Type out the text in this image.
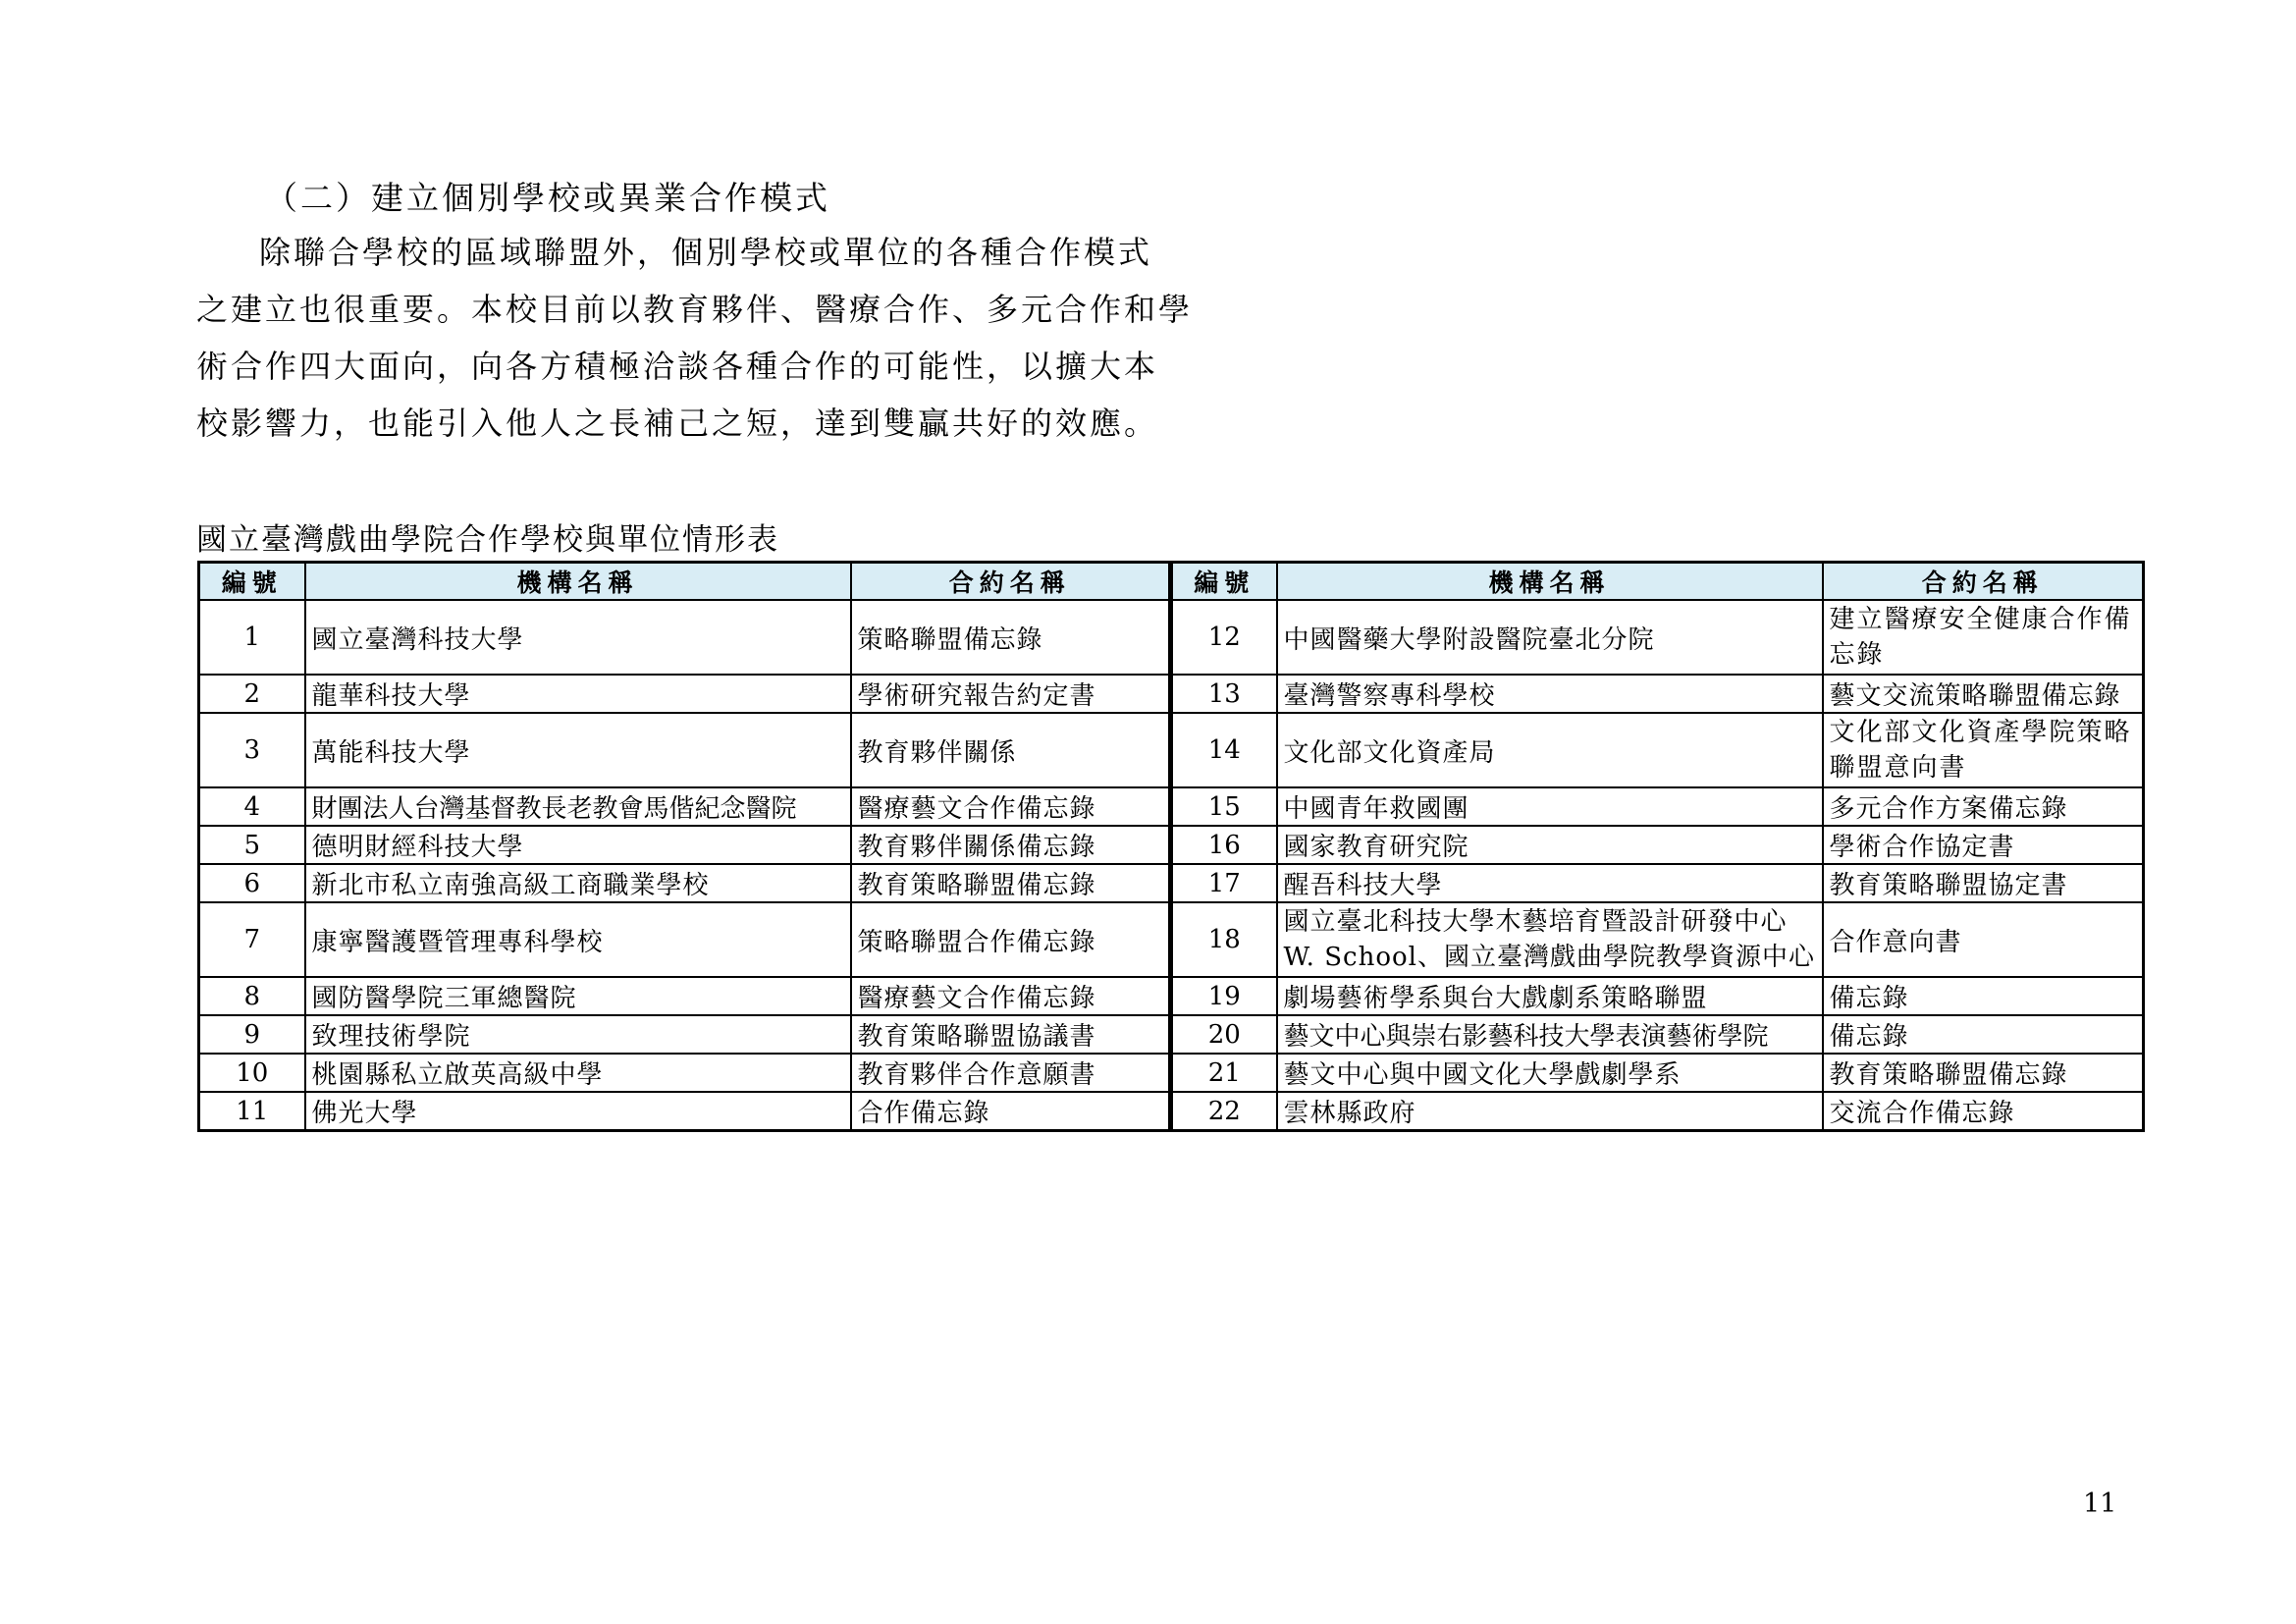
（二）建立個別學校或異業合作模式
除聯合學校的區域聯盟外，個別學校或單位的各種合作模式
之建立也很重要。本校目前以教育夥伴、醫療合作、多元合作和學
術合作四大面向，向各方積極洽談各種合作的可能性，以擴大本
校影響力，也能引入他人之長補己之短，達到雙贏共好的效應。
國立臺灣戲曲學院合作學校與單位情形表
編號	機構名稱	合約名稱	編號	機構名稱	合約名稱
1	國立臺灣科技大學	策略聯盟備忘錄	12	中國醫藥大學附設醫院臺北分院	建立醫療安全健康合作備忘錄
2	龍華科技大學	學術研究報告約定書	13	臺灣警察專科學校	藝文交流策略聯盟備忘錄
3	萬能科技大學	教育夥伴關係	14	文化部文化資產局	文化部文化資產學院策略聯盟意向書
4	財團法人台灣基督教長老教會馬偕紀念醫院	醫療藝文合作備忘錄	15	中國青年救國團	多元合作方案備忘錄
5	德明財經科技大學	教育夥伴關係備忘錄	16	國家教育研究院	學術合作協定書
6	新北市私立南強高級工商職業學校	教育策略聯盟備忘錄	17	醒吾科技大學	教育策略聯盟協定書
7	康寧醫護暨管理專科學校	策略聯盟合作備忘錄	18	國立臺北科技大學木藝培育暨設計研發中心W. School、國立臺灣戲曲學院教學資源中心	合作意向書
8	國防醫學院三軍總醫院	醫療藝文合作備忘錄	19	劇場藝術學系與台大戲劇系策略聯盟	備忘錄
9	致理技術學院	教育策略聯盟協議書	20	藝文中心與崇右影藝科技大學表演藝術學院	備忘錄
10	桃園縣私立啟英高級中學	教育夥伴合作意願書	21	藝文中心與中國文化大學戲劇學系	教育策略聯盟備忘錄
11	佛光大學	合作備忘錄	22	雲林縣政府	交流合作備忘錄
11
